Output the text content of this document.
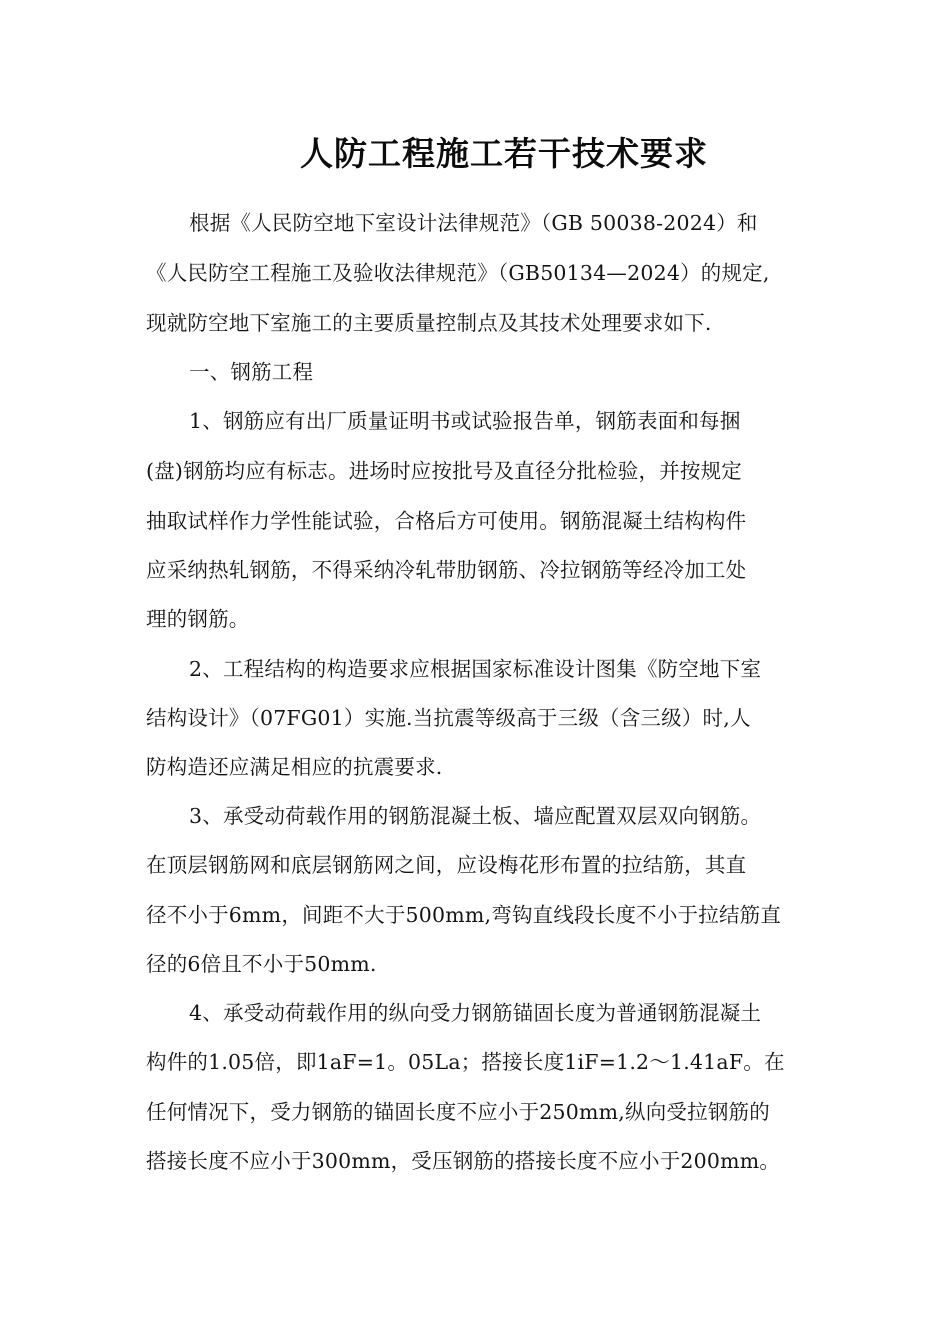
人防工程施工若干技术要求
根据《人民防空地下室设计法律规范》（GB 50038-2024）和
《人民防空工程施工及验收法律规范》（GB50134—2024）的规定,
现就防空地下室施工的主要质量控制点及其技术处理要求如下.
一、钢筋工程
1、钢筋应有出厂质量证明书或试验报告单，钢筋表面和每捆
(盘)钢筋均应有标志。进场时应按批号及直径分批检验，并按规定
抽取试样作力学性能试验，合格后方可使用。钢筋混凝土结构构件
应采纳热轧钢筋，不得采纳冷轧带肋钢筋、冷拉钢筋等经冷加工处
理的钢筋。
2、工程结构的构造要求应根据国家标准设计图集《防空地下室
结构设计》（07FG01）实施.当抗震等级高于三级（含三级）时,人
防构造还应满足相应的抗震要求.
3、承受动荷载作用的钢筋混凝土板、墙应配置双层双向钢筋。
在顶层钢筋网和底层钢筋网之间，应设梅花形布置的拉结筋，其直
径不小于6mm，间距不大于500mm,弯钩直线段长度不小于拉结筋直
径的6倍且不小于50mm.
4、承受动荷载作用的纵向受力钢筋锚固长度为普通钢筋混凝土
构件的1.05倍，即1aF=1。05La；搭接长度1iF=1.2～1.41aF。在
任何情况下，受力钢筋的锚固长度不应小于250mm,纵向受拉钢筋的
搭接长度不应小于300mm，受压钢筋的搭接长度不应小于200mm。
